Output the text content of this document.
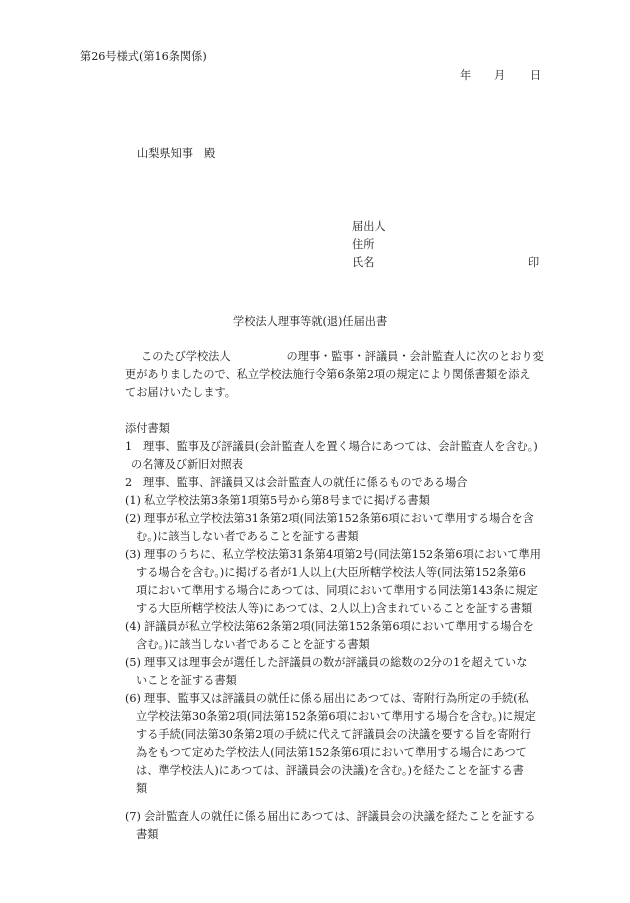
第26号様式(第16条関係)
年 月 日
山梨県知事　殿
届出人
住所
氏名	印
学校法人理事等就(退)任届出書
このたび学校法人　　　　　の理事・監事・評議員・会計監査人に次のとおり変
更がありましたので、私立学校法施行令第6条第2項の規定により関係書類を添え
てお届けいたします。
添付書類
1 理事、監事及び評議員(会計監査人を置く場合にあつては、会計監査人を含む。)
の名簿及び新旧対照表
2 理事、監事、評議員又は会計監査人の就任に係るものである場合
(1) 私立学校法第3条第1項第5号から第8号までに掲げる書類
(2) 理事が私立学校法第31条第2項(同法第152条第6項において準用する場合を含
む。)に該当しない者であることを証する書類
(3) 理事のうちに、私立学校法第31条第4項第2号(同法第152条第6項において準用
する場合を含む。)に掲げる者が1人以上(大臣所轄学校法人等(同法第152条第6
項において準用する場合にあつては、同項において準用する同法第143条に規定
する大臣所轄学校法人等)にあつては、2人以上)含まれていることを証する書類
(4) 評議員が私立学校法第62条第2項(同法第152条第6項において準用する場合を
含む。)に該当しない者であることを証する書類
(5) 理事又は理事会が選任した評議員の数が評議員の総数の2分の1を超えていな
いことを証する書類
(6) 理事、監事又は評議員の就任に係る届出にあつては、寄附行為所定の手続(私
立学校法第30条第2項(同法第152条第6項において準用する場合を含む。)に規定
する手続(同法第30条第2項の手続に代えて評議員会の決議を要する旨を寄附行
為をもつて定めた学校法人(同法第152条第6項において準用する場合にあつて
は、準学校法人)にあつては、評議員会の決議)を含む。)を経たことを証する書
類
(7) 会計監査人の就任に係る届出にあつては、評議員会の決議を経たことを証する
書類
